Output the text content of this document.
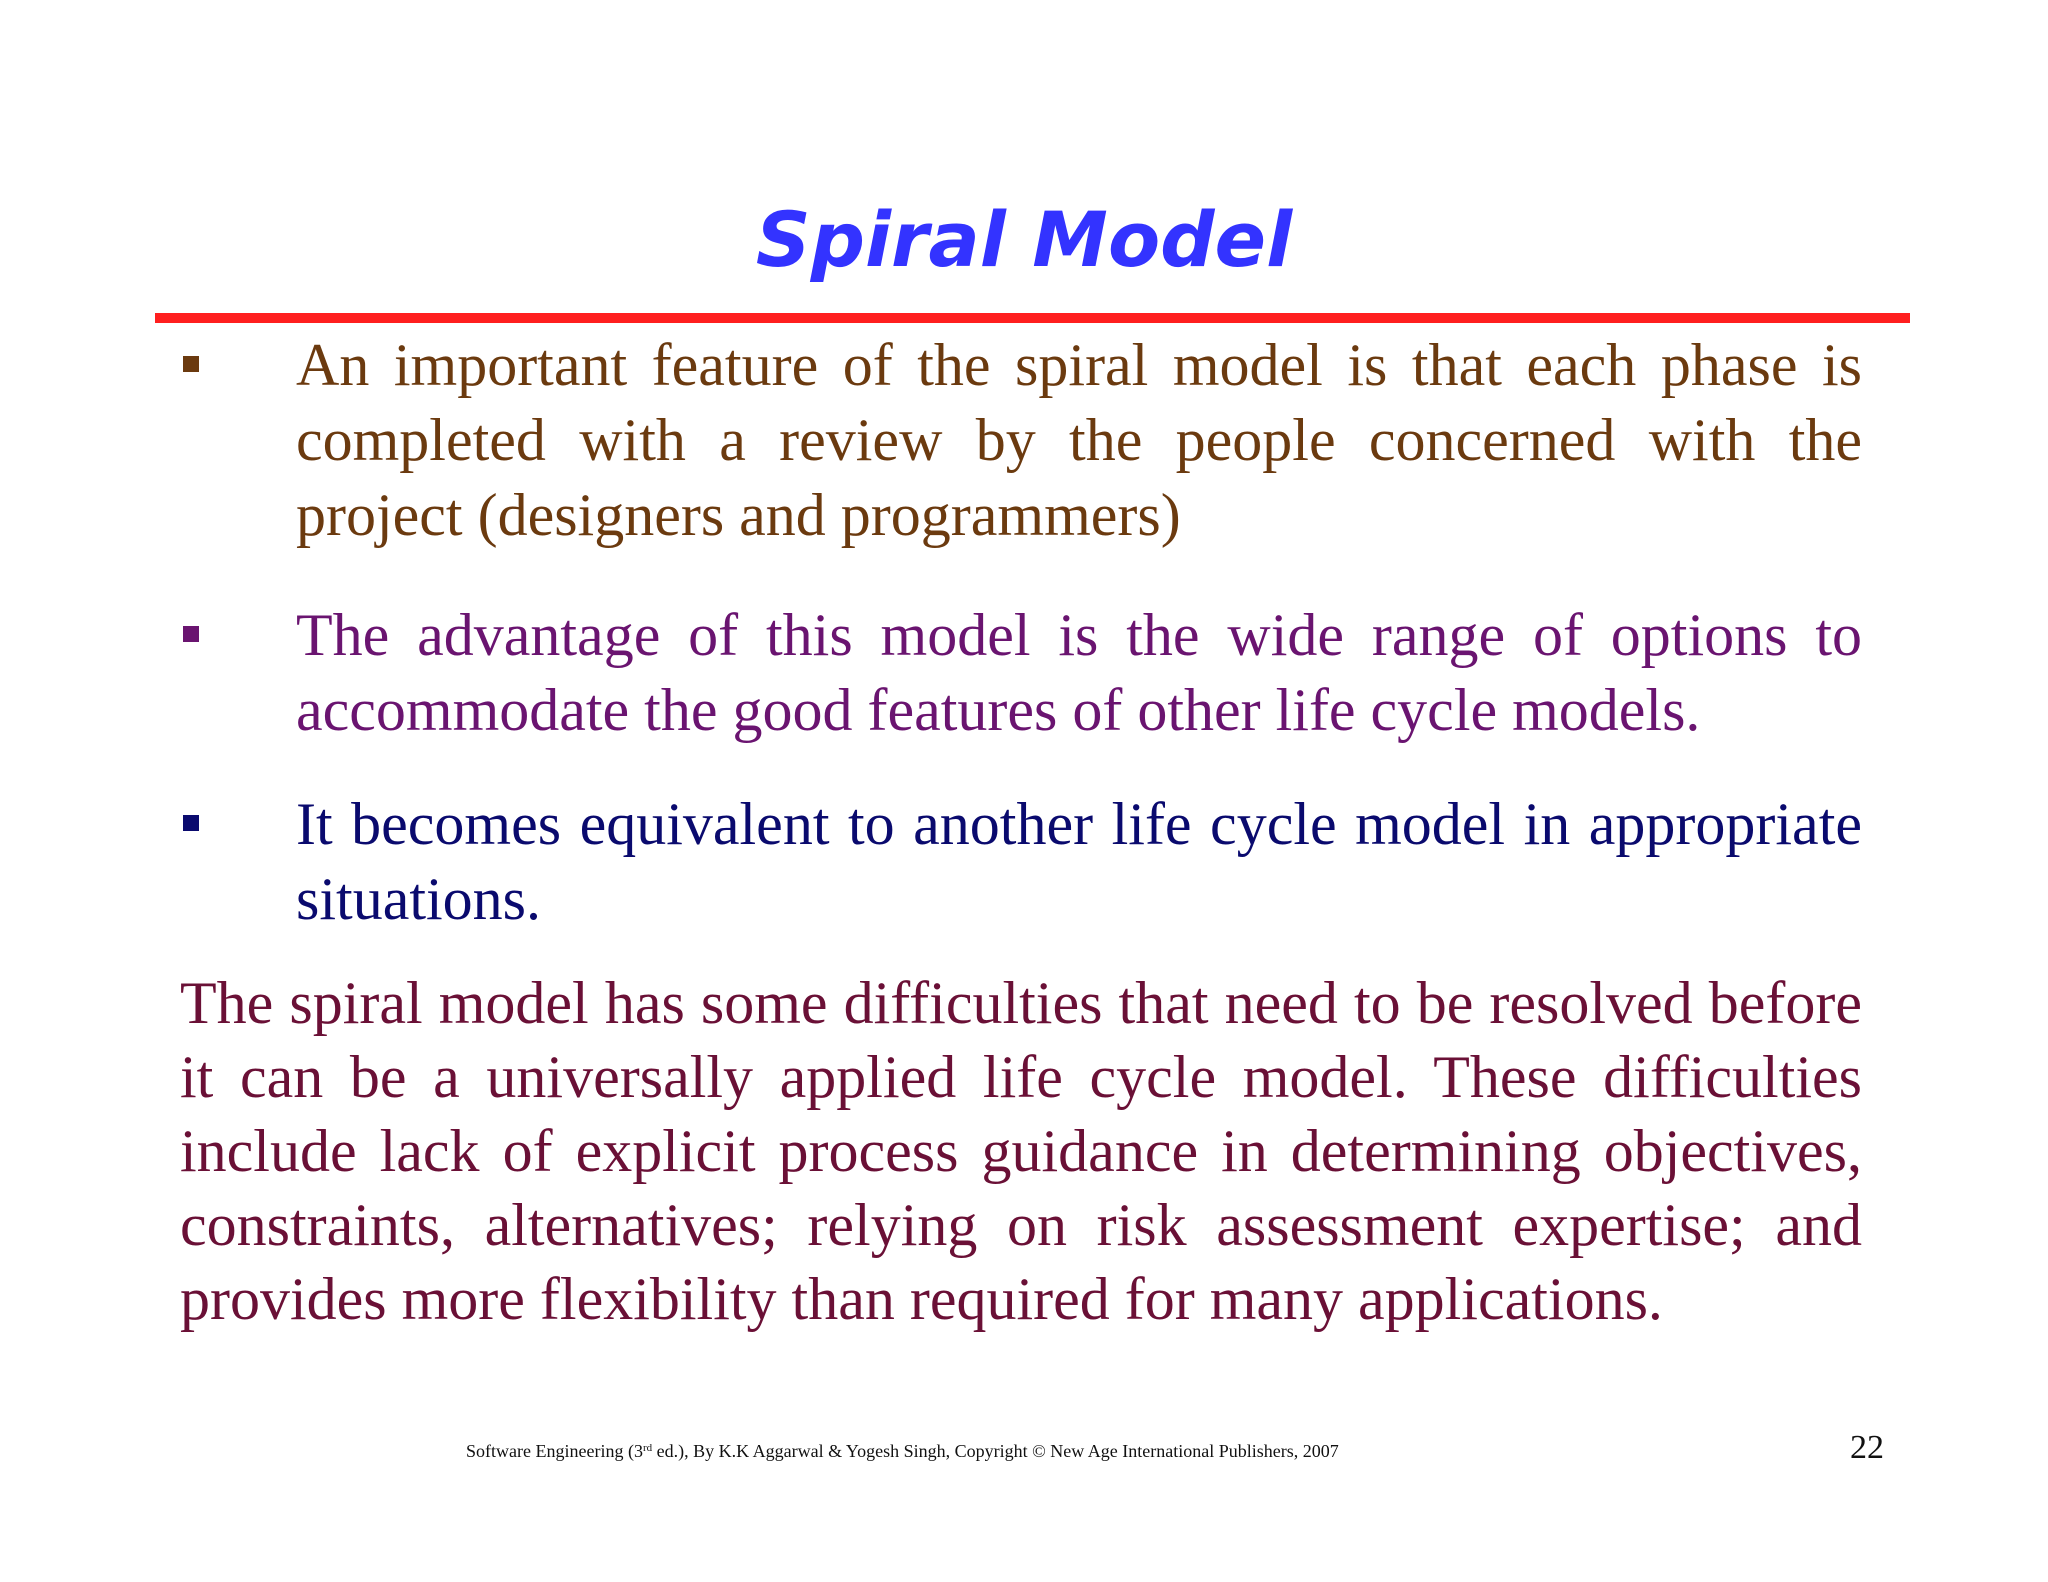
Spiral Model

An important feature of the spiral model is that each phase is completed with a review by the people concerned with the project (designers and programmers)

The advantage of this model is the wide range of options to accommodate the good features of other life cycle models.

It becomes equivalent to another life cycle model in appropriate situations.

The spiral model has some difficulties that need to be resolved before it can be a universally applied life cycle model. These difficulties include lack of explicit process guidance in determining objectives, constraints, alternatives; relying on risk assessment expertise; and provides more flexibility than required for many applications.

Software Engineering (3rd ed.), By K.K Aggarwal & Yogesh Singh, Copyright © New Age International Publishers, 2007	22
